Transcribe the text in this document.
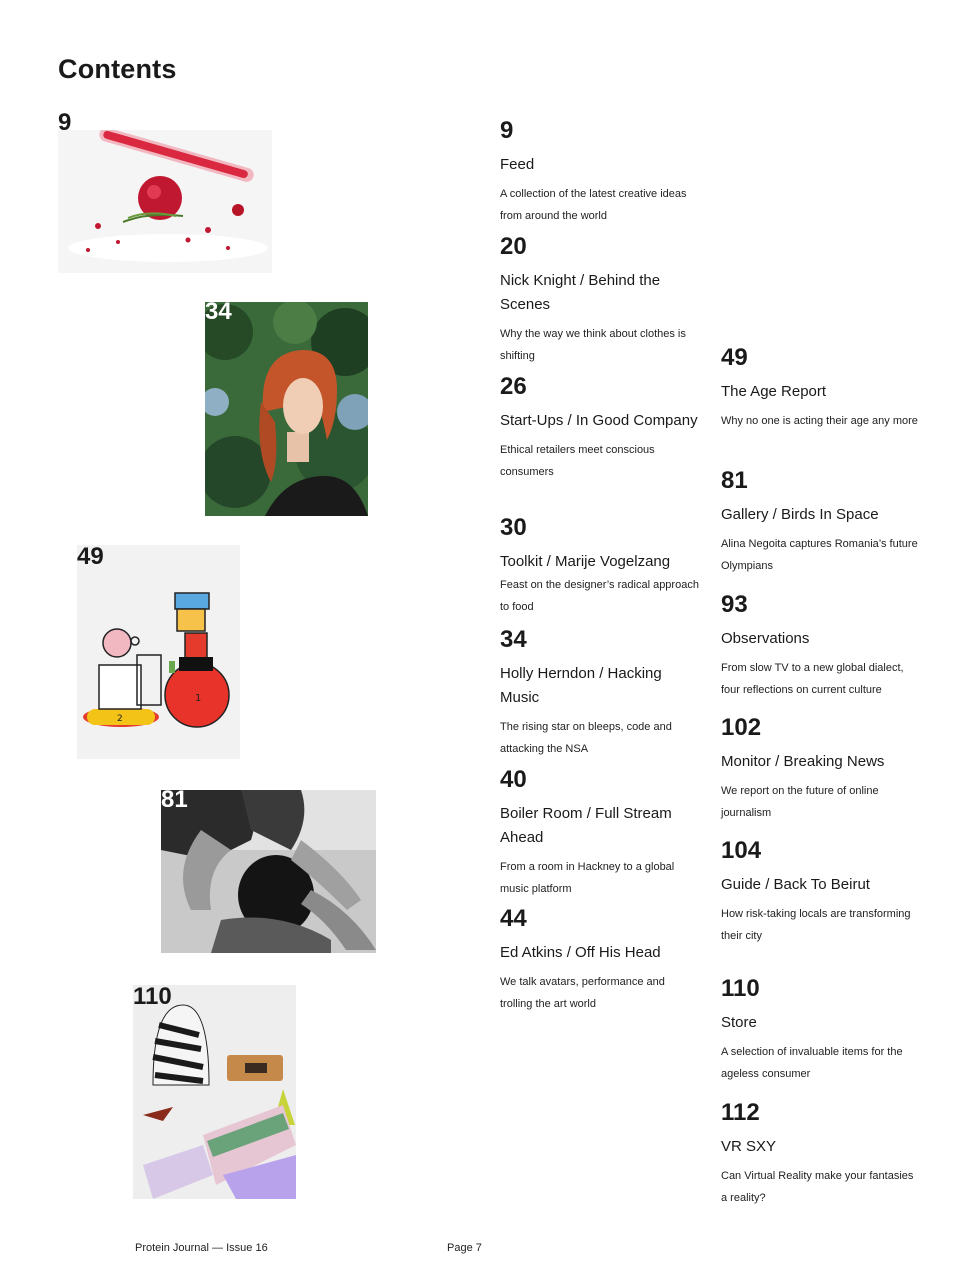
Contents
9
34
1
2
49
81
110
9
Feed
A collection of the latest creative ideas from around the world
20
Nick Knight / Behind the Scenes
Why the way we think about clothes is shifting
26
Start-Ups / In Good Company
Ethical retailers meet conscious consumers
30
Toolkit / Marije Vogelzang
Feast on the designer’s radical approach to food
34
Holly Herndon / Hacking Music
The rising star on bleeps, code and attacking the NSA
40
Boiler Room / Full Stream Ahead
From a room in Hackney to a global music platform
44
Ed Atkins / Off His Head
We talk avatars, performance and trolling the art world
49
The Age Report
Why no one is acting their age any more
81
Gallery / Birds In Space
Alina Negoita captures Romania’s future Olympians
93
Observations
From slow TV to a new global dialect, four reflections on current culture
102
Monitor / Breaking News
We report on the future of online journalism
104
Guide / Back To Beirut
How risk-taking locals are transforming their city
110
Store
A selection of invaluable items for the ageless consumer
112
VR SXY
Can Virtual Reality make your fantasies a reality?
Protein Journal — Issue 16	Page 7
